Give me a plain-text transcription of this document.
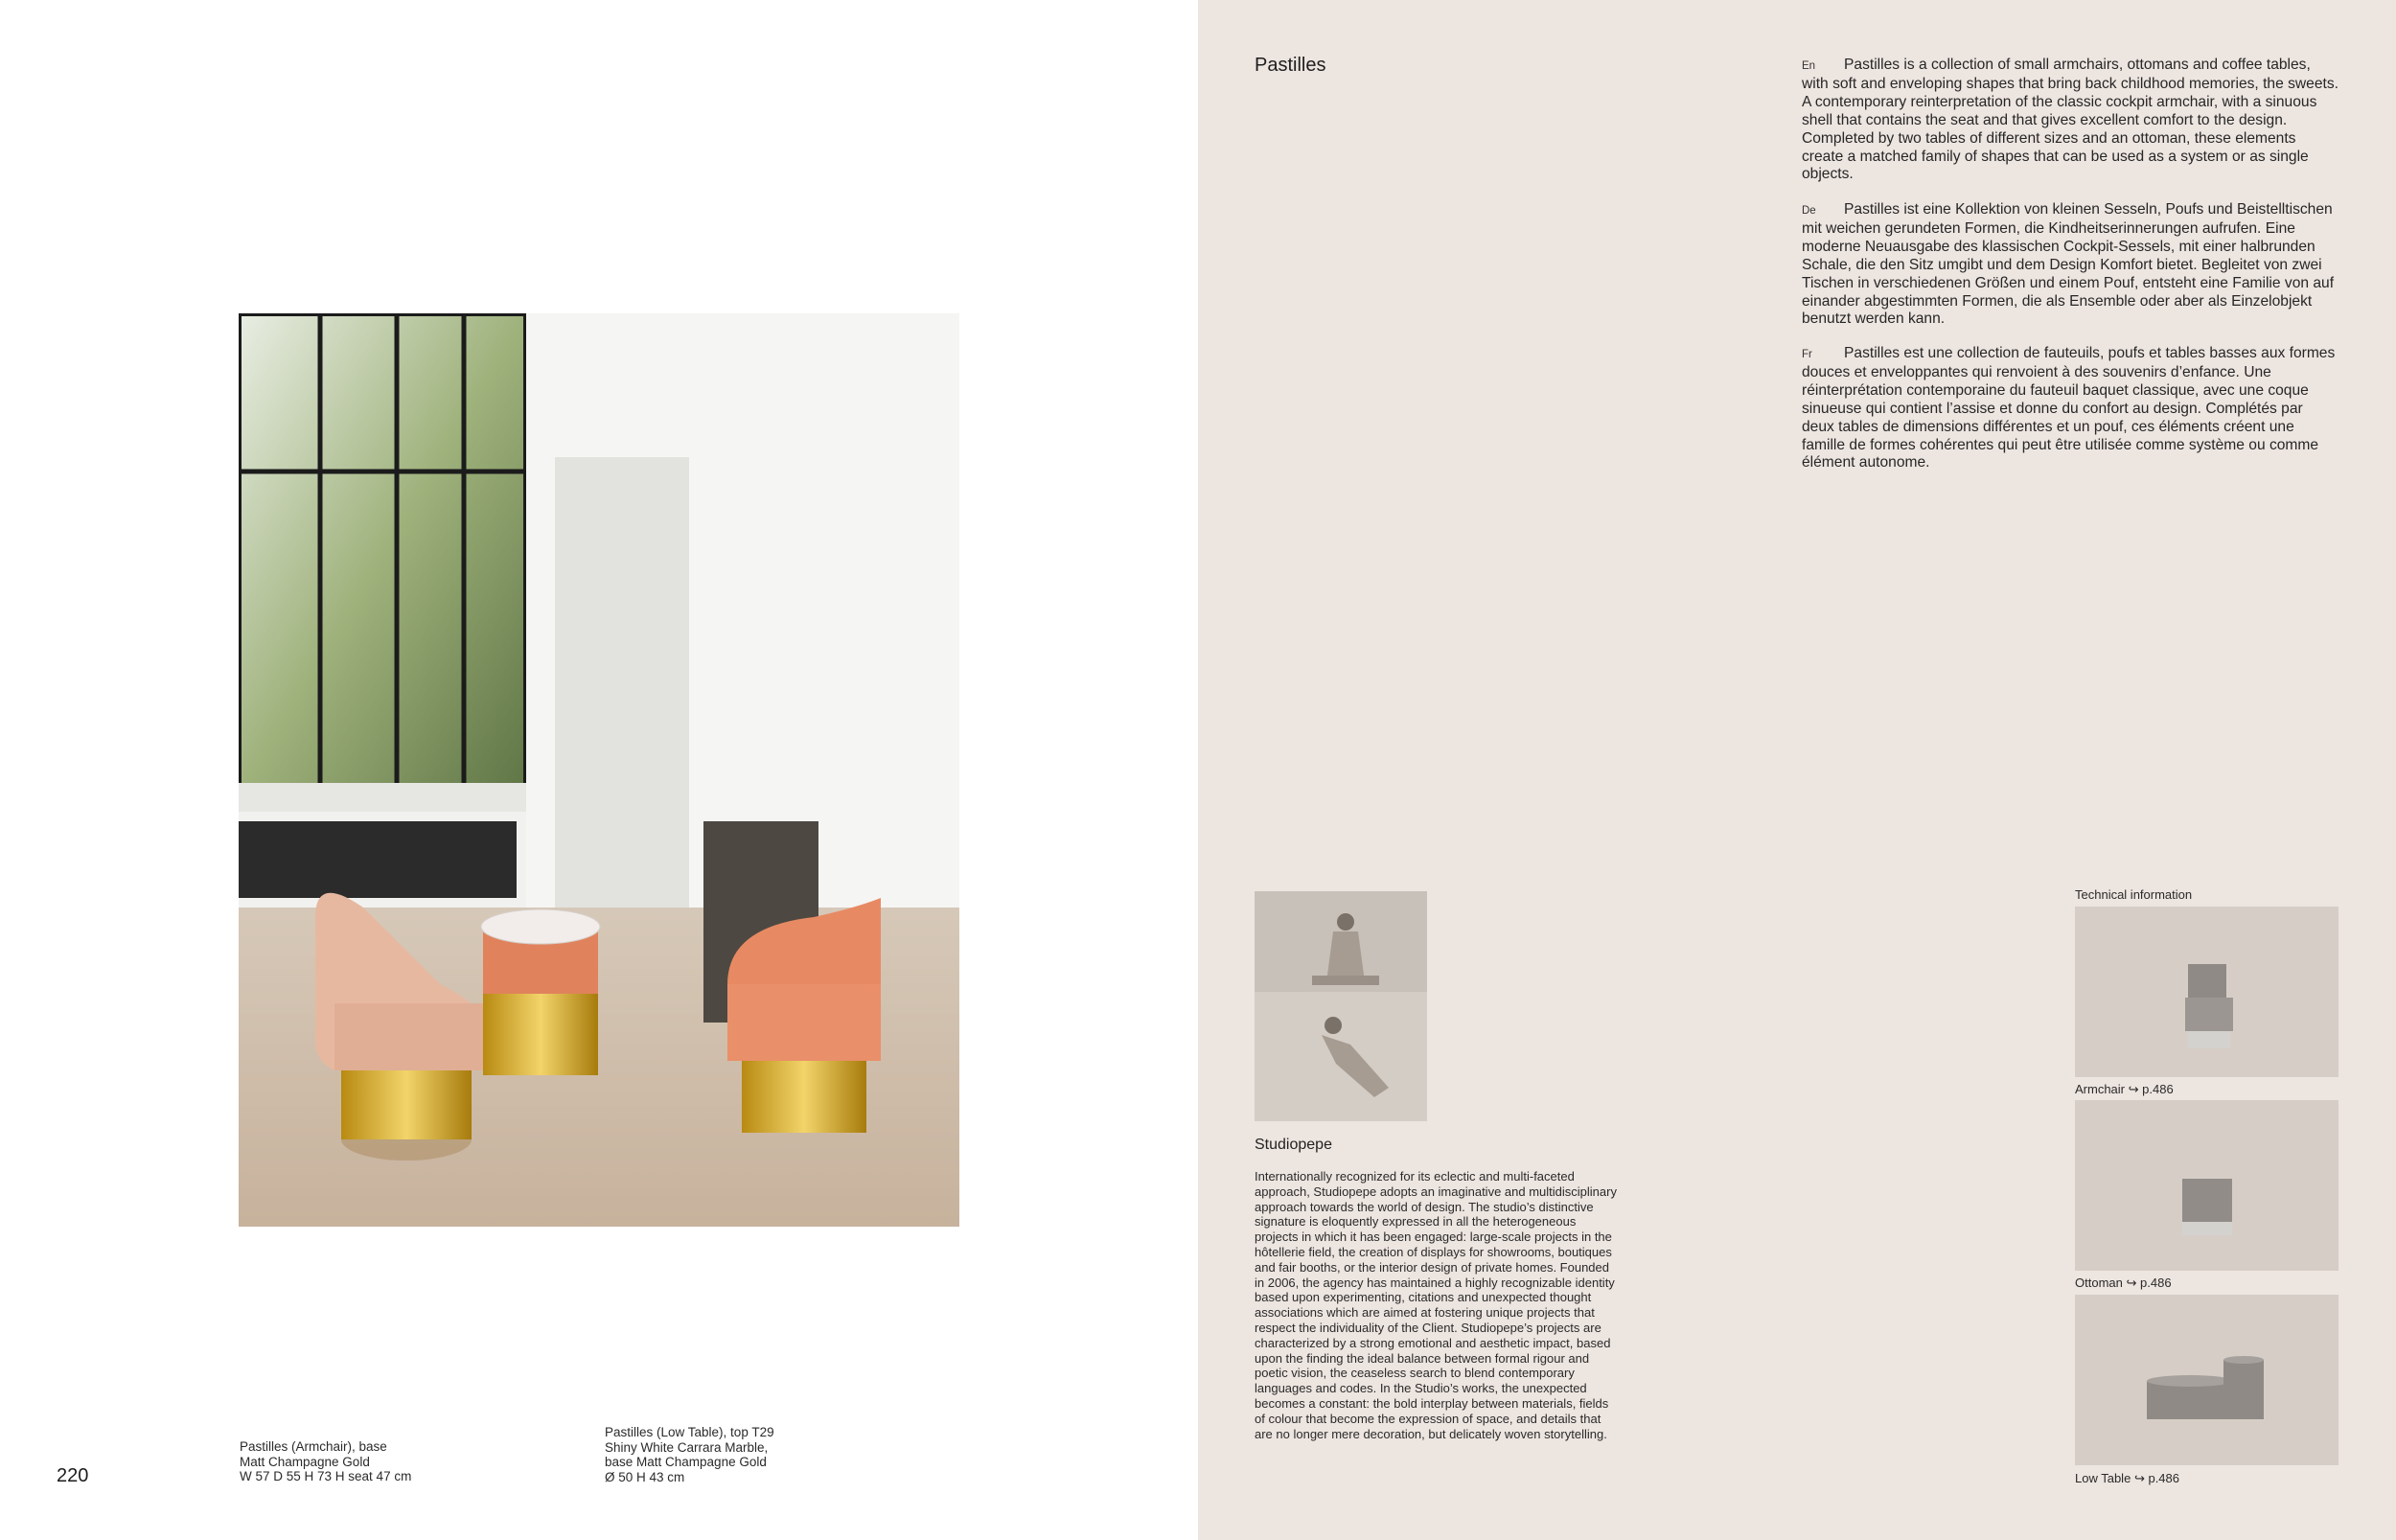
Pastilles (Armchair), base
Matt Champagne Gold
W 57 D 55 H 73 H seat 47 cm
Pastilles (Low Table), top T29
Shiny White Carrara Marble,
base Matt Champagne Gold
Ø 50 H 43 cm
220
Pastilles	En Pastilles is a collection of small armchairs, ottomans and coffee tables, with soft and enveloping shapes that bring back childhood memories, the sweets. A contemporary reinterpretation of the classic cockpit armchair, with a sinuous shell that contains the seat and that gives excellent comfort to the design. Completed by two tables of different sizes and an ottoman, these elements create a matched family of shapes that can be used as a system or as single objects.
De Pastilles ist eine Kollektion von kleinen Sesseln, Poufs und Beistelltischen mit weichen gerundeten Formen, die Kindheitserinnerungen aufrufen. Eine moderne Neuausgabe des klassischen Cockpit-Sessels, mit einer halbrunden Schale, die den Sitz umgibt und dem Design Komfort bietet. Begleitet von zwei Tischen in verschiedenen Größen und einem Pouf, entsteht eine Familie von auf einander abgestimmten Formen, die als Ensemble oder aber als Einzelobjekt benutzt werden kann.
Fr Pastilles est une collection de fauteuils, poufs et tables basses aux formes douces et enveloppantes qui renvoient à des souvenirs d’enfance. Une réinterprétation contemporaine du fauteuil baquet classique, avec une coque sinueuse qui contient l’assise et donne du confort au design. Complétés par deux tables de dimensions différentes et un pouf, ces éléments créent une famille de formes cohérentes qui peut être utilisée comme système ou comme élément autonome.
Studiopepe
Internationally recognized for its eclectic and multi-faceted approach, Studiopepe adopts an imaginative and multidisciplinary approach towards the world of design. The studio’s distinctive signature is eloquently expressed in all the heterogeneous projects in which it has been engaged: large-scale projects in the hôtellerie field, the creation of displays for showrooms, boutiques and fair booths, or the interior design of private homes. Founded in 2006, the agency has maintained a highly recognizable identity based upon experimenting, citations and unexpected thought associations which are aimed at fostering unique projects that respect the individuality of the Client. Studiopepe’s projects are characterized by a strong emotional and aesthetic impact, based upon the finding the ideal balance between formal rigour and poetic vision, the ceaseless search to blend contemporary languages and codes. In the Studio’s works, the unexpected becomes a constant: the bold interplay between materials, fields of colour that become the expression of space, and details that are no longer mere decoration, but delicately woven storytelling.
Technical information
Armchair ↪ p.486
Ottoman ↪ p.486
Low Table ↪ p.486
